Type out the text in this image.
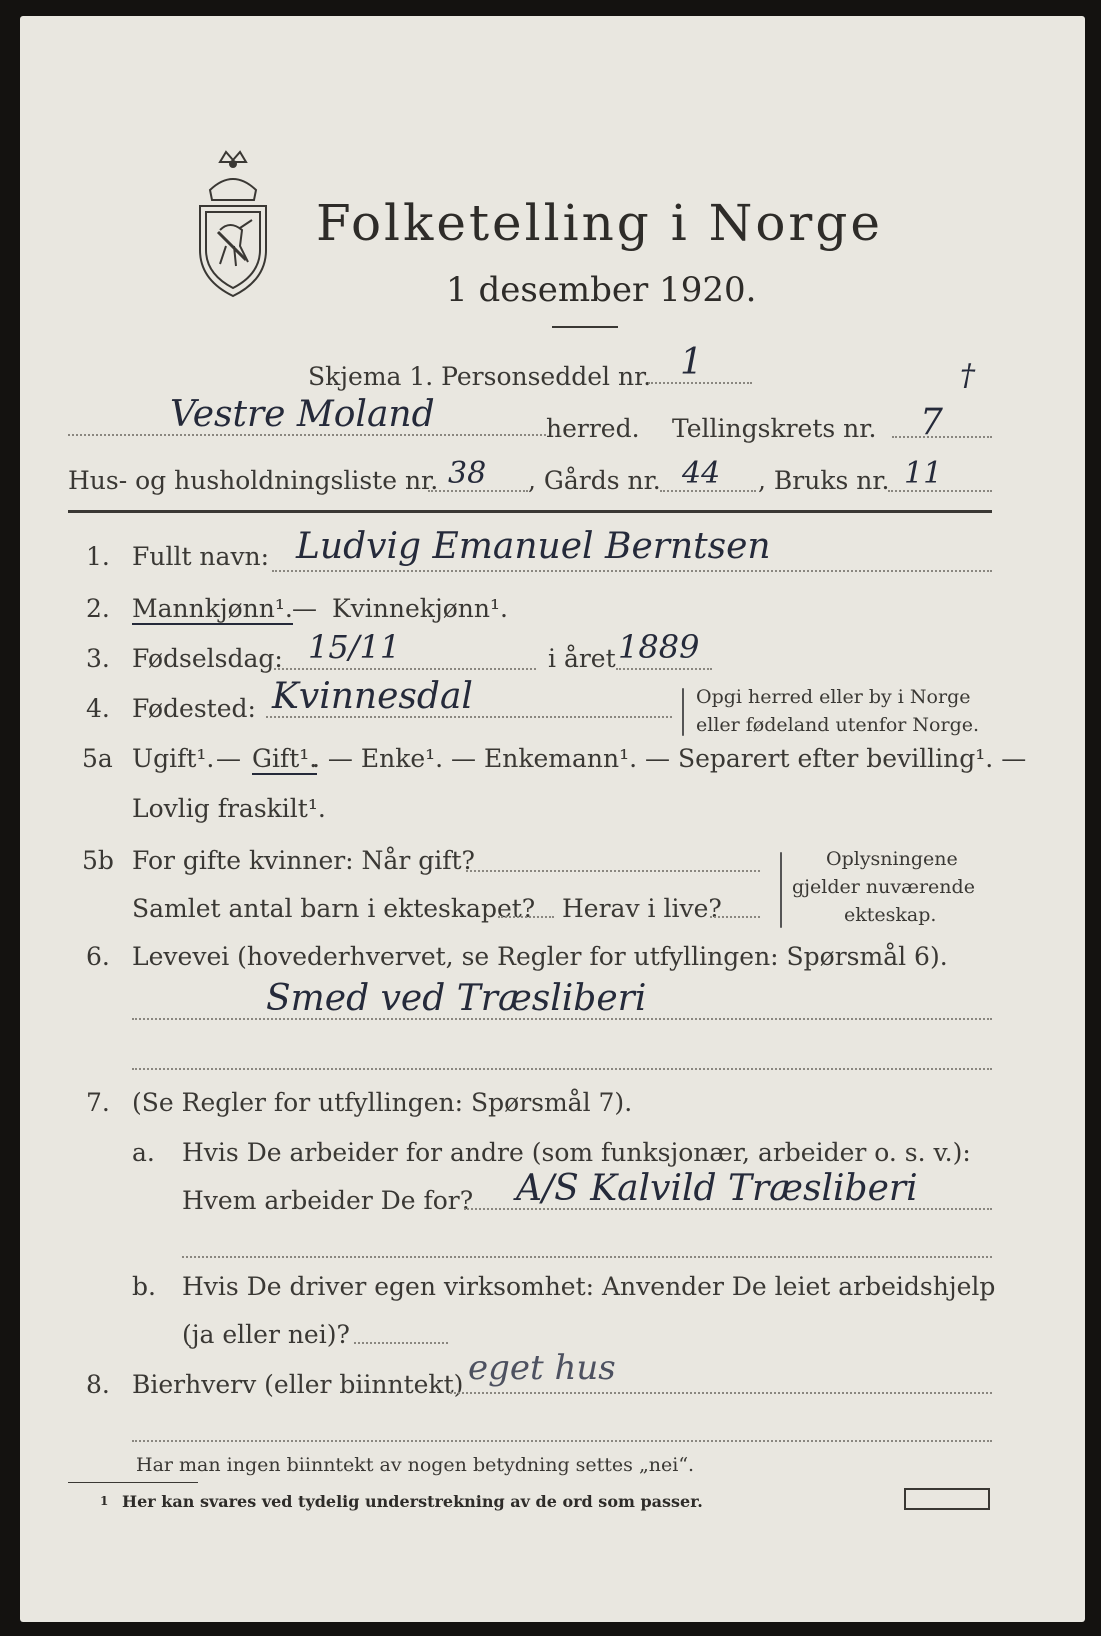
Folketelling i Norge
1 desember 1920.
Skjema 1. Personseddel nr. 1	†
Vestre Moland	herred. Tellingskrets nr. 7
Hus- og husholdningsliste nr. 38 , Gårds nr. 44 , Bruks nr. 11
1. Fullt navn: Ludvig Emanuel Berntsen
2. Mannkjønn¹. — Kvinnekjønn¹.
3. Fødselsdag: 15/11	i året 1889
4. Fødested: Kvinnesdal	Opgi herred eller by i Norge
eller fødeland utenfor Norge.
5a Ugift¹. — Gift¹.
. — Enke¹. — Enkemann¹. — Separert efter bevilling¹. —
Lovlig fraskilt¹.
5b For gifte kvinner: Når gift?
Samlet antal barn i ekteskapet? Herav i live?
Oplysningene
gjelder nuværende
ekteskap.
6. Levevei (hovederhvervet, se Regler for utfyllingen: Spørsmål 6).
Smed ved Træsliberi
7. (Se Regler for utfyllingen: Spørsmål 7).
a. Hvis De arbeider for andre (som funksjonær, arbeider o. s. v.):
Hvem arbeider De for? A/S Kalvild Træsliberi
b. Hvis De driver egen virksomhet: Anvender De leiet arbeidshjelp
(ja eller nei)?
8. Bierhverv (eller biinntekt) eget hus
Har man ingen biinntekt av nogen betydning settes „nei“.
1 Her kan svares ved tydelig understrekning av de ord som passer.
